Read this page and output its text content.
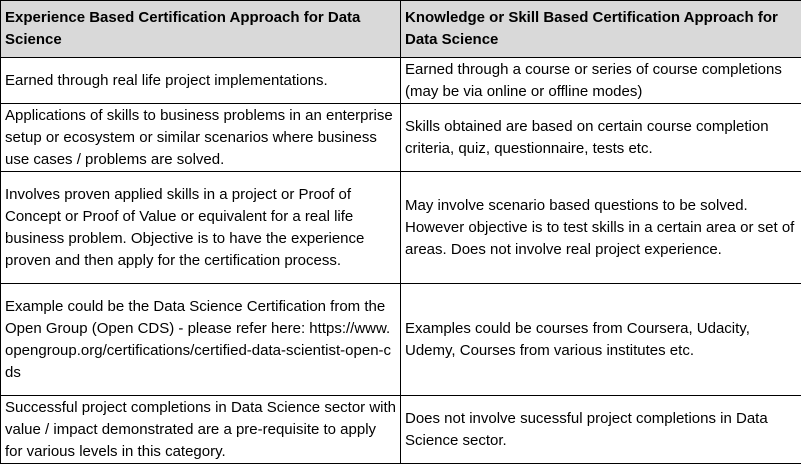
Experience Based Certification Approach for Data Science	Knowledge or Skill Based Certification Approach for Data Science
Earned through real life project implementations.	Earned through a course or series of course completions (may be via online or offline modes)
Applications of skills to business problems in an enterprise setup or ecosystem or similar scenarios where business use cases / problems are solved.	Skills obtained are based on certain course completion criteria, quiz, questionnaire, tests etc.
Involves proven applied skills in a project or Proof of Concept or Proof of Value or equivalent for a real life business problem. Objective is to have the experience proven and then apply for the certification process.	May involve scenario based questions to be solved. However objective is to test skills in a certain area or set of areas. Does not involve real project experience.
Example could be the Data Science Certification from the Open Group (Open CDS) - please refer here: https://www.opengroup.org/certifications/certified-data-scientist-open-cds	Examples could be courses from Coursera, Udacity, Udemy, Courses from various institutes etc.
Successful project completions in Data Science sector with value / impact demonstrated are a pre-requisite to apply for various levels in this category.	Does not involve sucessful project completions in Data Science sector.
